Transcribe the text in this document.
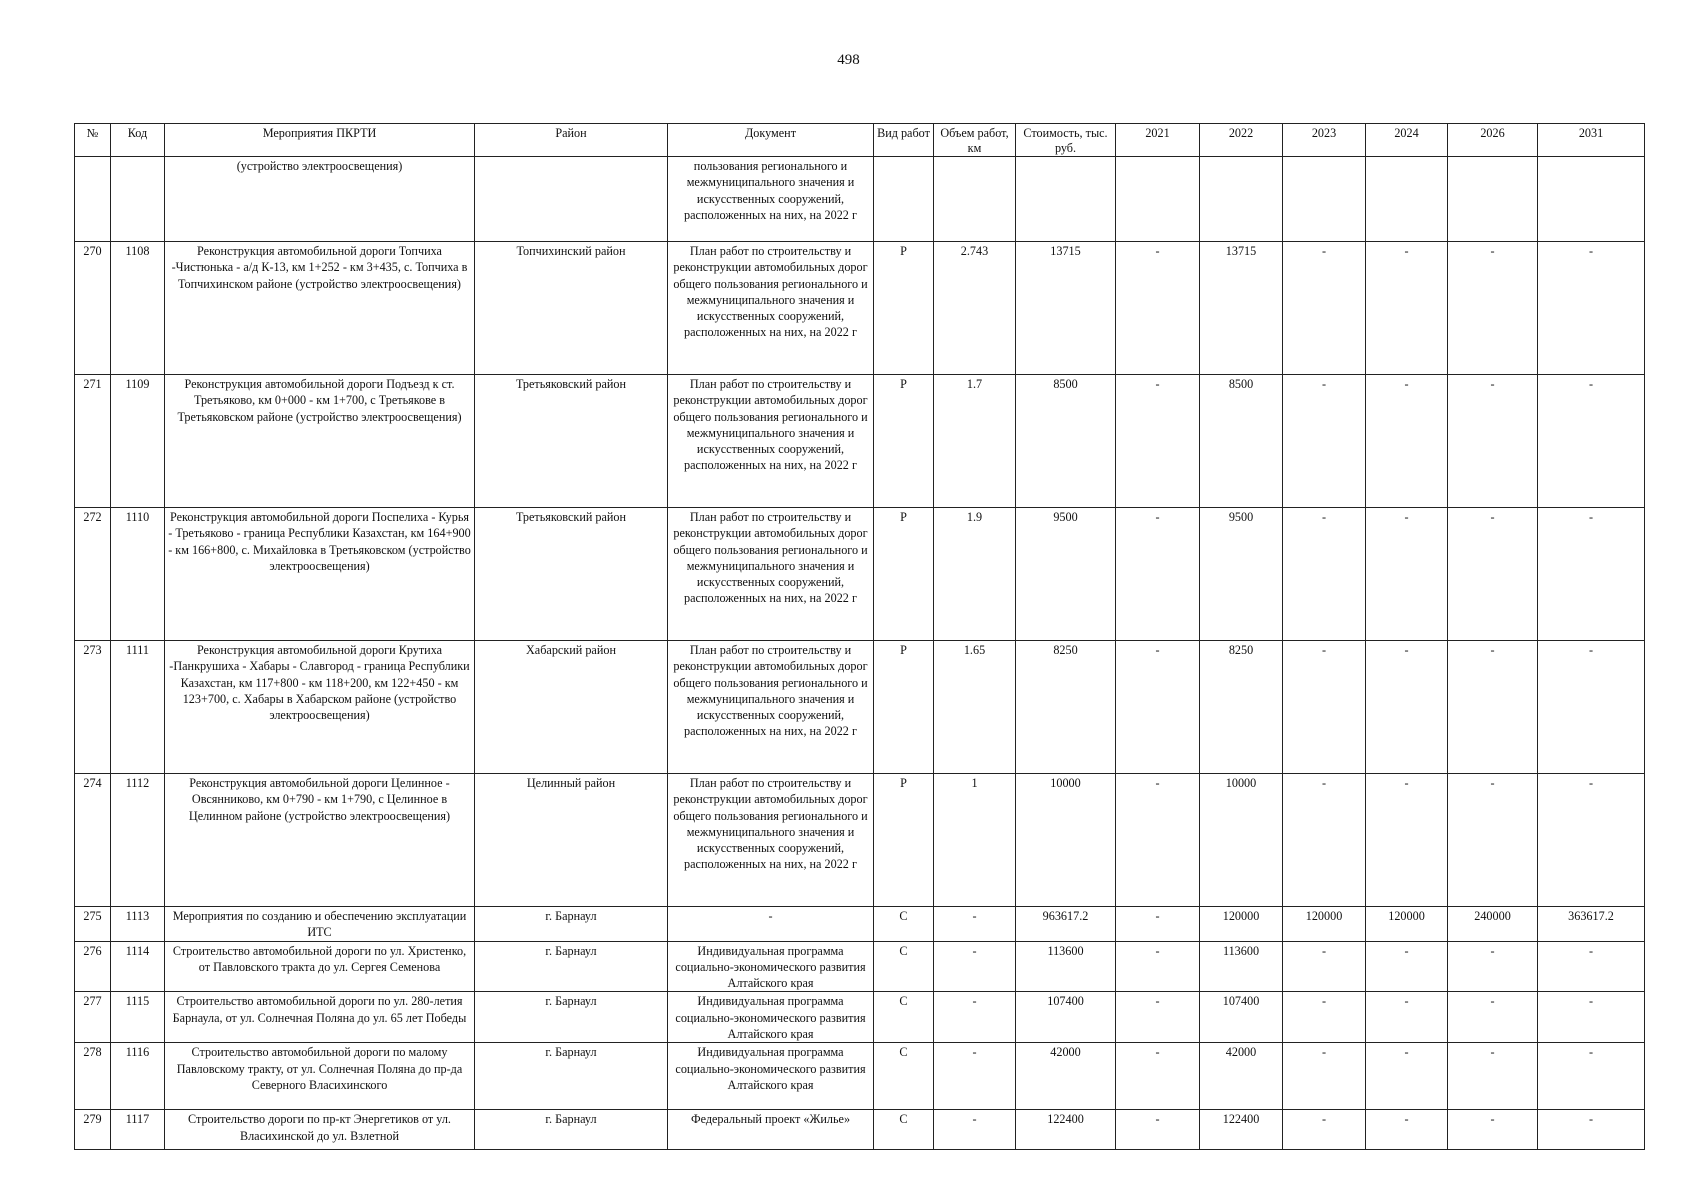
498
№	Код	Мероприятия ПКРТИ	Район	Документ	Вид работ	Объем работ, км	Стоимость, тыс. руб.	2021	2022	2023	2024	2026	2031
		(устройство электроосвещения)		пользования регионального и межмуниципального значения и искусственных сооружений, расположенных на них, на 2022 г									
270	1108	Реконструкция автомобильной дороги Топчиха -Чистюнька - а/д К-13, км 1+252 - км 3+435, с. Топчиха в Топчихинском районе (устройство электроосвещения)	Топчихинский район	План работ по строительству и реконструкции автомобильных дорог общего пользования регионального и межмуниципального значения и искусственных сооружений, расположенных на них, на 2022 г	Р	2.743	13715	-	13715	-	-	-	-
271	1109	Реконструкция автомобильной дороги Подъезд к ст. Третьяково, км 0+000 - км 1+700, с Третьякове в Третьяковском районе (устройство электроосвещения)	Третьяковский район	План работ по строительству и реконструкции автомобильных дорог общего пользования регионального и межмуниципального значения и искусственных сооружений, расположенных на них, на 2022 г	Р	1.7	8500	-	8500	-	-	-	-
272	1110	Реконструкция автомобильной дороги Поспелиха - Курья - Третьяково - граница Республики Казахстан, км 164+900 - км 166+800, с. Михайловка в Третьяковском (устройство электроосвещения)	Третьяковский район	План работ по строительству и реконструкции автомобильных дорог общего пользования регионального и межмуниципального значения и искусственных сооружений, расположенных на них, на 2022 г	Р	1.9	9500	-	9500	-	-	-	-
273	1111	Реконструкция автомобильной дороги Крутиха -Панкрушиха - Хабары - Славгород - граница Республики Казахстан, км 117+800 - км 118+200, км 122+450 - км 123+700, с. Хабары в Хабарском районе (устройство электроосвещения)	Хабарский район	План работ по строительству и реконструкции автомобильных дорог общего пользования регионального и межмуниципального значения и искусственных сооружений, расположенных на них, на 2022 г	Р	1.65	8250	-	8250	-	-	-	-
274	1112	Реконструкция автомобильной дороги Целинное - Овсянниково, км 0+790 - км 1+790, с Целинное в Целинном районе (устройство электроосвещения)	Целинный район	План работ по строительству и реконструкции автомобильных дорог общего пользования регионального и межмуниципального значения и искусственных сооружений, расположенных на них, на 2022 г	Р	1	10000	-	10000	-	-	-	-
275	1113	Мероприятия по созданию и обеспечению эксплуатации ИТС	г. Барнаул	-	С	-	963617.2	-	120000	120000	120000	240000	363617.2
276	1114	Строительство автомобильной дороги по ул. Христенко, от Павловского тракта до ул. Сергея Семенова	г. Барнаул	Индивидуальная программа социально-экономического развития Алтайского края	С	-	113600	-	113600	-	-	-	-
277	1115	Строительство автомобильной дороги по ул. 280-летия Барнаула, от ул. Солнечная Поляна до ул. 65 лет Победы	г. Барнаул	Индивидуальная программа социально-экономического развития Алтайского края	С	-	107400	-	107400	-	-	-	-
278	1116	Строительство автомобильной дороги по малому Павловскому тракту, от ул. Солнечная Поляна до пр-да Северного Власихинского	г. Барнаул	Индивидуальная программа социально-экономического развития Алтайского края	С	-	42000	-	42000	-	-	-	-
279	1117	Строительство дороги по пр-кт Энергетиков от ул. Власихинской до ул. Взлетной	г. Барнаул	Федеральный проект «Жилье»	С	-	122400	-	122400	-	-	-	-
